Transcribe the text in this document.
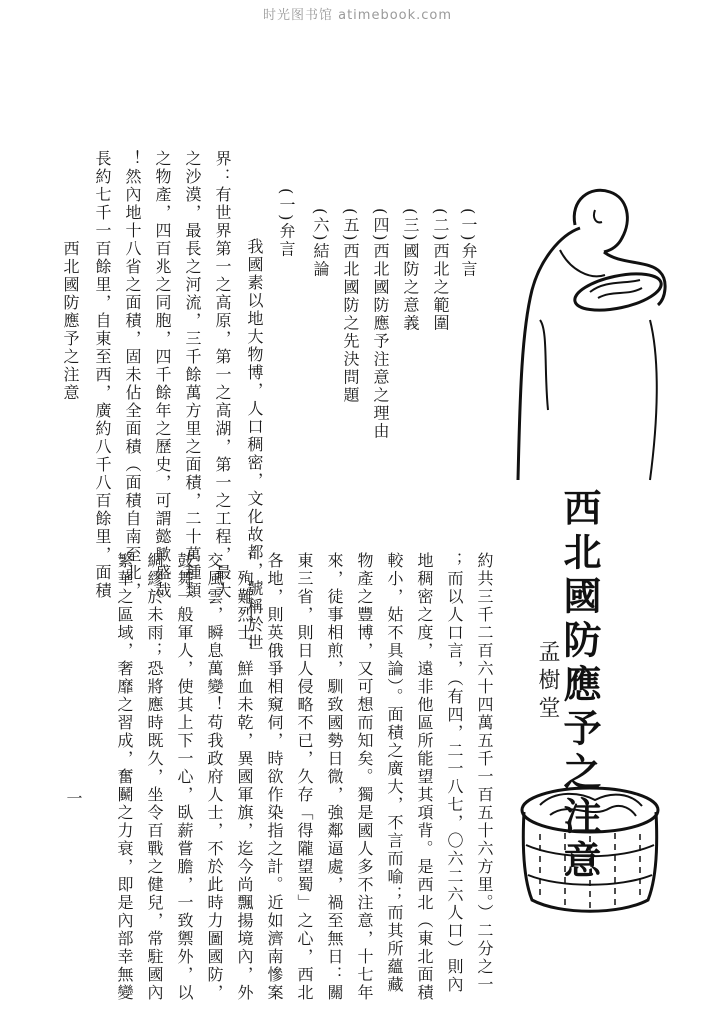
时光图书馆 atimebook.com
西北國防應予之注意
孟樹堂
(一)弁言
(二)西北之範圍
(三)國防之意義
(四)西北國防應予注意之理由
(五)西北國防之先決問題
(六)結論
(一)弁言
我國素以地大物博，人口稠密，文化故都，號稱於世
界：有世界第一之高原，第一之高湖，第一之工程，最大
之沙漠，最長之河流，三千餘萬方里之面積，二十萬種類
之物產，四百兆之同胞，四千餘年之歷史，可謂懿歟盛哉
！然內地十八省之面積，固未佔全面積（面積自南至北，
長約七千一百餘里，自東至西，廣約八千八百餘里，面積
西北國防應予之注意
約共三千二百六十四萬五千一百五十六方里。）二分之一
；而以人口言，（有四，二一八七，〇六二六人口）則內
地稠密之度，遠非他區所能望其項背。是西北（東北面積
較小，姑不具論）。面積之廣大，不言而喻；而其所蘊藏
物產之豐博，又可想而知矣。獨是國人多不注意，十七年
來，徒事相煎，馴致國勢日微，強鄰逼處，禍至無日：關
東三省，則日人侵略不已，久存「得隴望蜀」之心，西北
各地，則英俄爭相窺伺，時欲作染指之計。近如濟南慘案
，殉難烈士，鮮血未乾，異國軍旗，迄今尚飄揚境內，外
交風雲，瞬息萬變！苟我政府人士，不於此時力圖國防，
鼓舞一般軍人，使其上下一心，臥薪嘗膽，一致禦外，以
綢繆於未雨；恐將應時既久，坐令百戰之健兒，常駐國內
繁華之區域，奢靡之習成，奮鬭之力衰，即是內部幸無變
一
